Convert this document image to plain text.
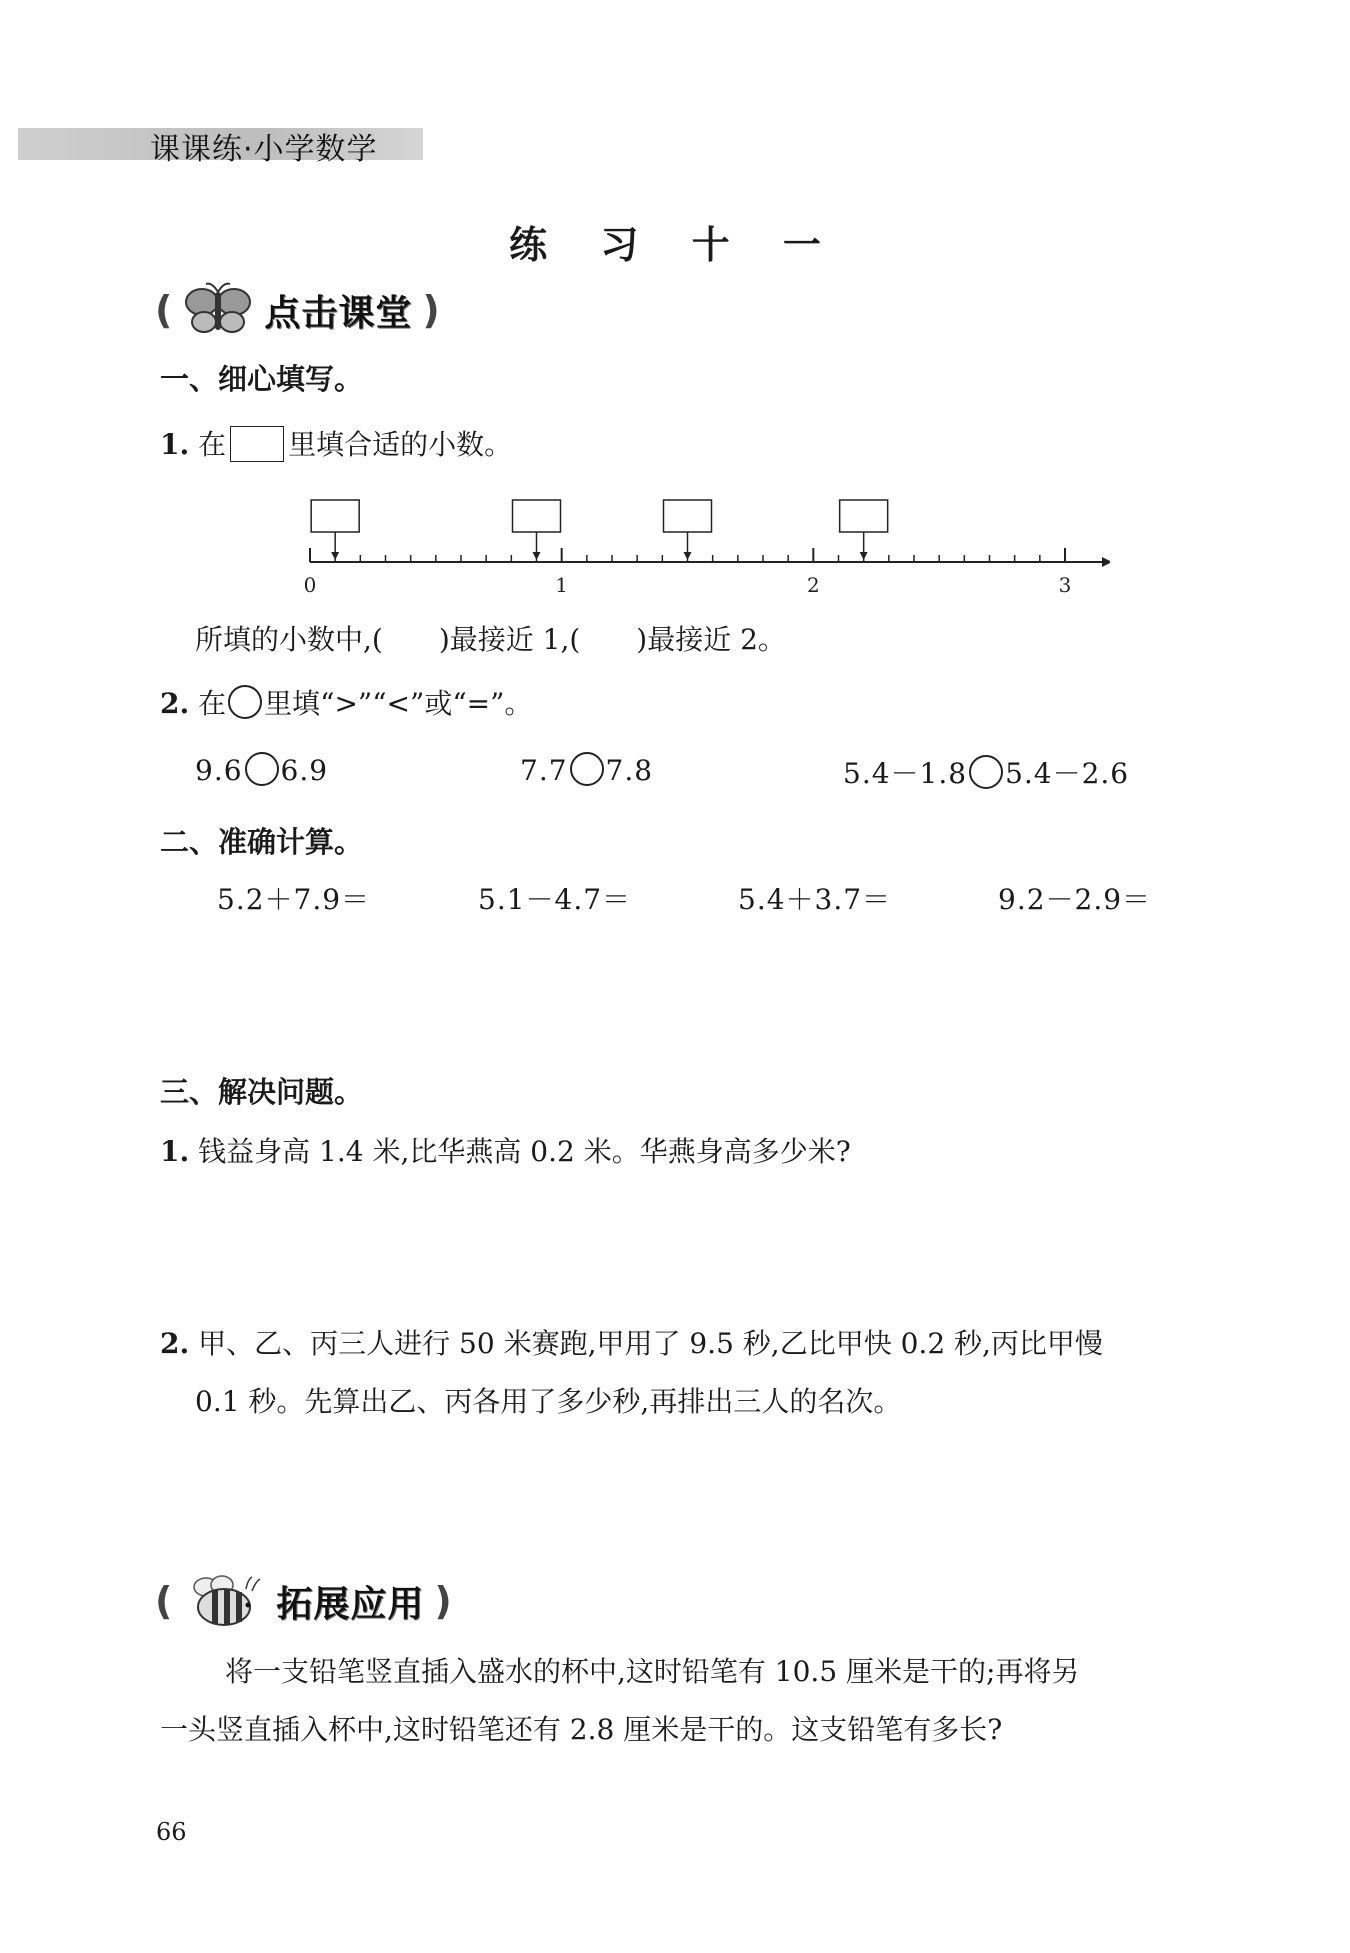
课课练·小学数学
练 习 十 一
(	点击课堂 )
一、细心填写。
1. 在 里填合适的小数。
0	1	2	3
所填的小数中,(　　)最接近 1,(　　)最接近 2。
2. 在 里填“>”“<”或“=”。
9.6 6.9	7.7 7.8	5.4－1.8 5.4－2.6
二、准确计算。
5.2＋7.9＝	5.1－4.7＝	5.4＋3.7＝	9.2－2.9＝
三、解决问题。
1. 钱益身高 1.4 米,比华燕高 0.2 米。华燕身高多少米?
2. 甲、乙、丙三人进行 50 米赛跑,甲用了 9.5 秒,乙比甲快 0.2 秒,丙比甲慢
0.1 秒。先算出乙、丙各用了多少秒,再排出三人的名次。
(	拓展应用 )
将一支铅笔竖直插入盛水的杯中,这时铅笔有 10.5 厘米是干的;再将另
一头竖直插入杯中,这时铅笔还有 2.8 厘米是干的。这支铅笔有多长?
66
